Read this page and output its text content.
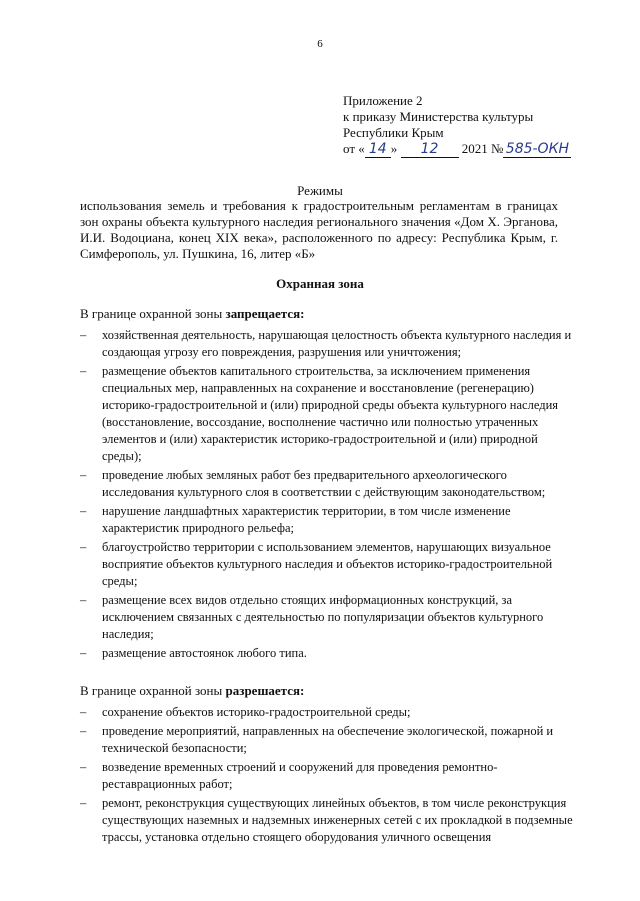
6
Приложение 2
к приказу Министерства культуры
Республики Крым
от « 14 » 12 2021 № 585-ОКН
Режимы
использования земель и требования к градостроительным регламентам в границах зон охраны объекта культурного наследия регионального значения «Дом Х. Эрганова, И.И. Водоциана, конец XIX века», расположенного по адресу: Республика Крым, г. Симферополь, ул. Пушкина, 16, литер «Б»
Охранная зона
В границе охранной зоны запрещается:
– хозяйственная деятельность, нарушающая целостность объекта культурного наследия и создающая угрозу его повреждения, разрушения или уничтожения;
– размещение объектов капитального строительства, за исключением применения специальных мер, направленных на сохранение и восстановление (регенерацию) историко-градостроительной и (или) природной среды объекта культурного наследия (восстановление, воссоздание, восполнение частично или полностью утраченных элементов и (или) характеристик историко-градостроительной и (или) природной среды);
– проведение любых земляных работ без предварительного археологического исследования культурного слоя в соответствии с действующим законодательством;
– нарушение ландшафтных характеристик территории, в том числе изменение характеристик природного рельефа;
– благоустройство территории с использованием элементов, нарушающих визуальное восприятие объектов культурного наследия и объектов историко-градостроительной среды;
– размещение всех видов отдельно стоящих информационных конструкций, за исключением связанных с деятельностью по популяризации объектов культурного наследия;
– размещение автостоянок любого типа.
В границе охранной зоны разрешается:
– сохранение объектов историко-градостроительной среды;
– проведение мероприятий, направленных на обеспечение экологической, пожарной и технической безопасности;
– возведение временных строений и сооружений для проведения ремонтно-реставрационных работ;
– ремонт, реконструкция существующих линейных объектов, в том числе реконструкция существующих наземных и надземных инженерных сетей с их прокладкой в подземные трассы, установка отдельно стоящего оборудования уличного освещения
